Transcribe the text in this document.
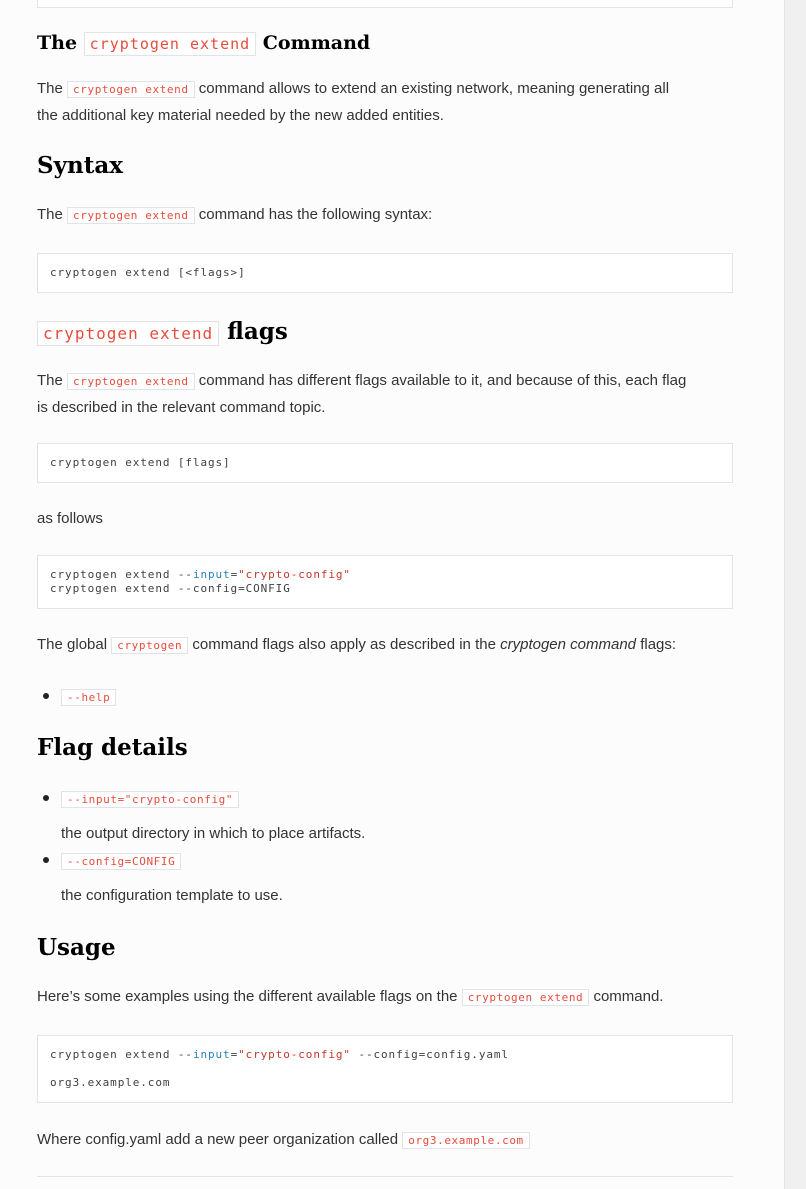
The cryptogen extend Command

The cryptogen extend command allows to extend an existing network, meaning generating all
the additional key material needed by the new added entities.

Syntax

The cryptogen extend command has the following syntax:

cryptogen extend [<flags>]
cryptogen extend flags

The cryptogen extend command has different flags available to it, and because of this, each flag
is described in the relevant command topic.

cryptogen extend [flags]

as follows

cryptogen extend --input="crypto-config"
cryptogen extend --config=CONFIG

The global cryptogen command flags also apply as described in the cryptogen command flags:

--help
Flag details
--input="crypto-config"
the output directory in which to place artifacts.
--config=CONFIG
the configuration template to use.
Usage

Here’s some examples using the different available flags on the cryptogen extend command.

cryptogen extend --input="crypto-config" --config=config.yaml
org3.example.com

Where config.yaml add a new peer organization called org3.example.com
